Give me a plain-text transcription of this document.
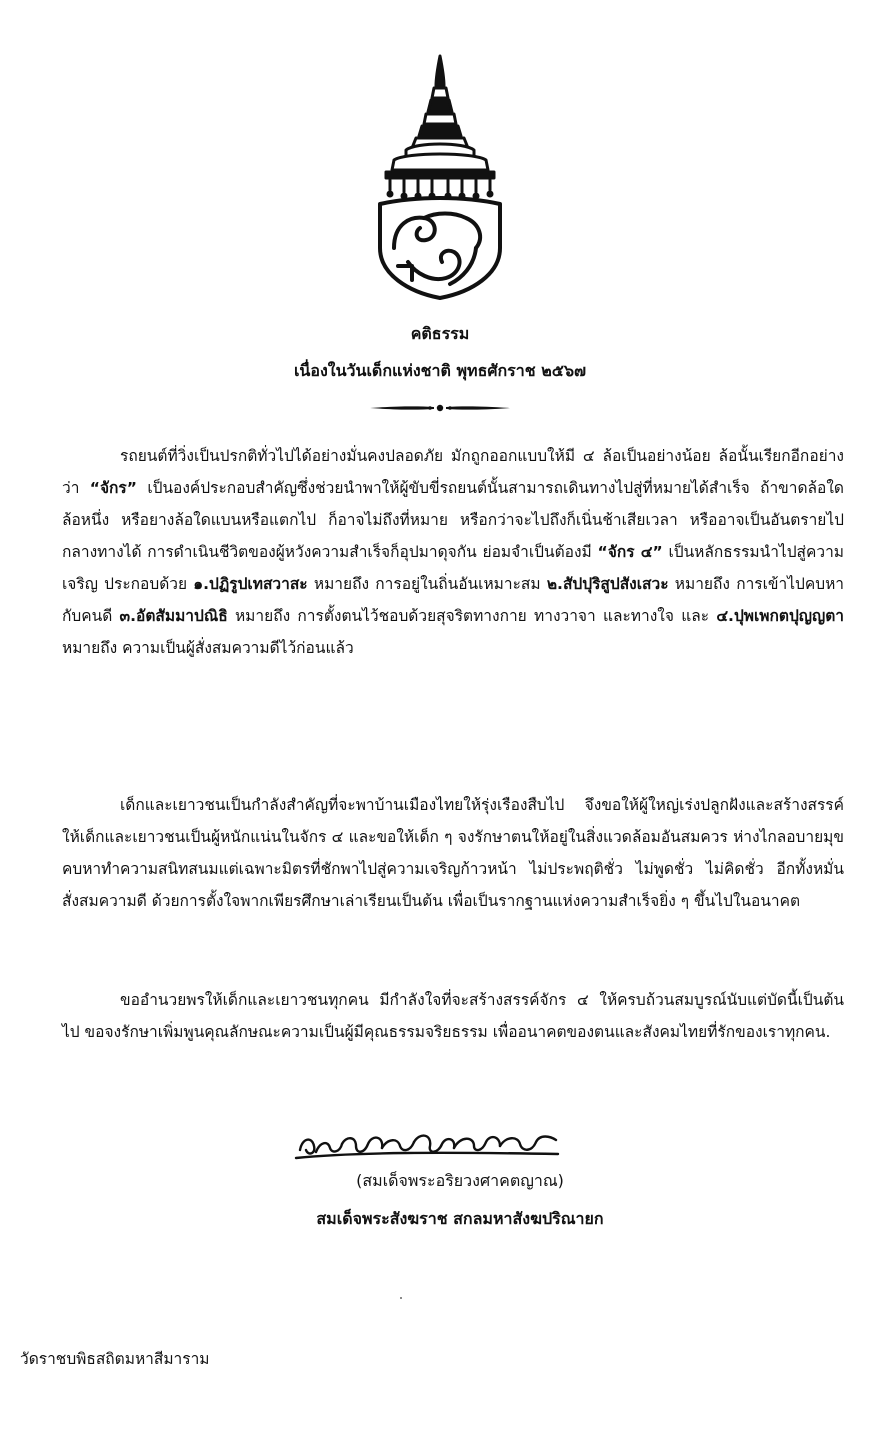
คติธรรม
เนื่องในวันเด็กแห่งชาติ พุทธศักราช ๒๕๖๗
รถยนต์ที่วิ่งเป็นปรกติทั่วไปได้อย่างมั่นคงปลอดภัย มักถูกออกแบบให้มี ๔ ล้อเป็นอย่างน้อย ล้อนั้นเรียกอีกอย่างว่า “จักร” เป็นองค์ประกอบสำคัญซึ่งช่วยนำพาให้ผู้ขับขี่รถยนต์นั้นสามารถเดินทางไปสู่ที่หมายได้สำเร็จ ถ้าขาดล้อใดล้อหนึ่ง หรือยางล้อใดแบนหรือแตกไป ก็อาจไม่ถึงที่หมาย หรือกว่าจะไปถึงก็เนิ่นช้าเสียเวลา หรืออาจเป็นอันตรายไปกลางทางได้ การดำเนินชีวิตของผู้หวังความสำเร็จก็อุปมาดุจกัน ย่อมจำเป็นต้องมี “จักร ๔” เป็นหลักธรรมนำไปสู่ความเจริญ ประกอบด้วย ๑.ปฏิรูปเทสวาสะ หมายถึง การอยู่ในถิ่นอันเหมาะสม ๒.สัปปุริสูปสังเสวะ หมายถึง การเข้าไปคบหากับคนดี ๓.อัตสัมมาปณิธิ หมายถึง การตั้งตนไว้ชอบด้วยสุจริตทางกาย ทางวาจา และทางใจ และ ๔.ปุพเพกตปุญญตา หมายถึง ความเป็นผู้สั่งสมความดีไว้ก่อนแล้ว
เด็กและเยาวชนเป็นกำลังสำคัญที่จะพาบ้านเมืองไทยให้รุ่งเรืองสืบไป จึงขอให้ผู้ใหญ่เร่งปลูกฝังและสร้างสรรค์ให้เด็กและเยาวชนเป็นผู้หนักแน่นในจักร ๔ และขอให้เด็ก ๆ จงรักษาตนให้อยู่ในสิ่งแวดล้อมอันสมควร ห่างไกลอบายมุข คบหาทำความสนิทสนมแต่เฉพาะมิตรที่ชักพาไปสู่ความเจริญก้าวหน้า ไม่ประพฤติชั่ว ไม่พูดชั่ว ไม่คิดชั่ว อีกทั้งหมั่นสั่งสมความดี ด้วยการตั้งใจพากเพียรศึกษาเล่าเรียนเป็นต้น เพื่อเป็นรากฐานแห่งความสำเร็จยิ่ง ๆ ขึ้นไปในอนาคต
ขออำนวยพรให้เด็กและเยาวชนทุกคน มีกำลังใจที่จะสร้างสรรค์จักร ๔ ให้ครบถ้วนสมบูรณ์นับแต่บัดนี้เป็นต้นไป ขอจงรักษาเพิ่มพูนคุณลักษณะความเป็นผู้มีคุณธรรมจริยธรรม เพื่ออนาคตของตนและสังคมไทยที่รักของเราทุกคน.
(สมเด็จพระอริยวงศาคตญาณ)
สมเด็จพระสังฆราช สกลมหาสังฆปริณายก
วัดราชบพิธสถิตมหาสีมาราม
